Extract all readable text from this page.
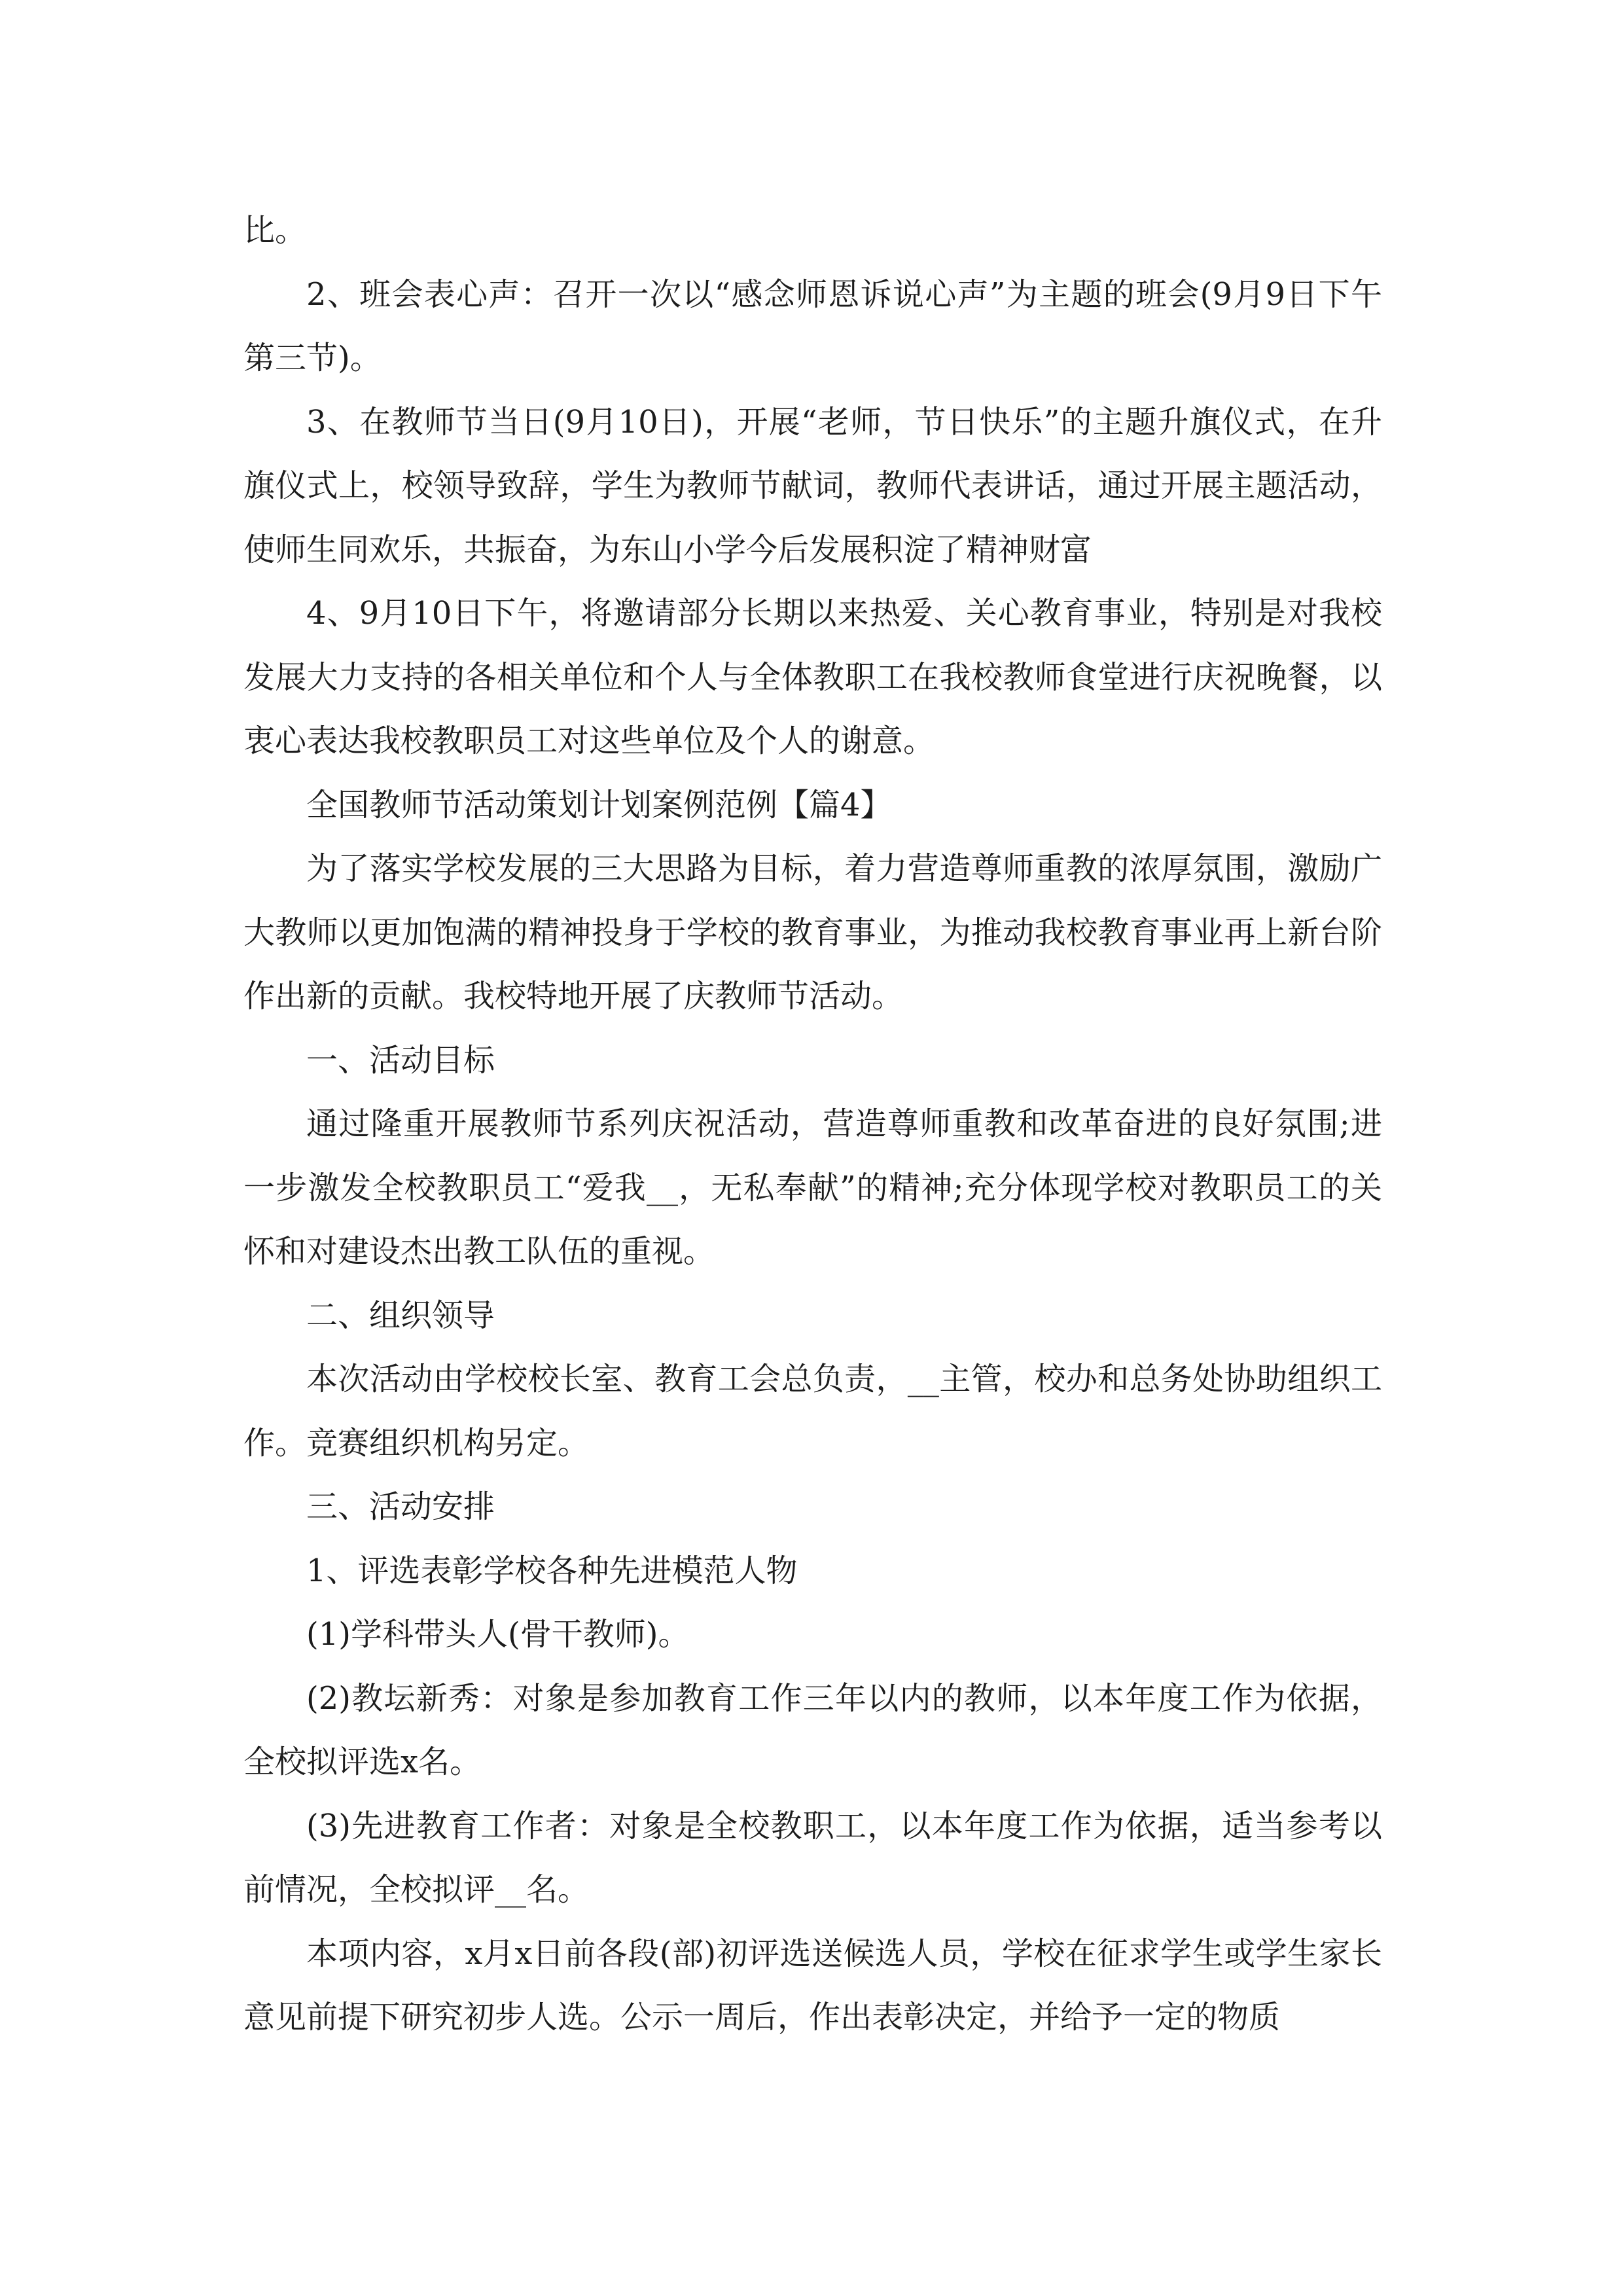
比。

2、班会表心声：召开一次以“感念师恩诉说心声”为主题的班会(9月9日下午第三节)。

3、在教师节当日(9月10日)，开展“老师，节日快乐”的主题升旗仪式，在升旗仪式上，校领导致辞，学生为教师节献词，教师代表讲话，通过开展主题活动，使师生同欢乐，共振奋，为东山小学今后发展积淀了精神财富

4、9月10日下午，将邀请部分长期以来热爱、关心教育事业，特别是对我校发展大力支持的各相关单位和个人与全体教职工在我校教师食堂进行庆祝晚餐，以衷心表达我校教职员工对这些单位及个人的谢意。

全国教师节活动策划计划案例范例【篇4】

为了落实学校发展的三大思路为目标，着力营造尊师重教的浓厚氛围，激励广大教师以更加饱满的精神投身于学校的教育事业，为推动我校教育事业再上新台阶作出新的贡献。我校特地开展了庆教师节活动。

一、活动目标

通过隆重开展教师节系列庆祝活动，营造尊师重教和改革奋进的良好氛围;进一步激发全校教职员工“爱我__，无私奉献”的精神;充分体现学校对教职员工的关怀和对建设杰出教工队伍的重视。

二、组织领导

本次活动由学校校长室、教育工会总负责，__主管，校办和总务处协助组织工作。竞赛组织机构另定。

三、活动安排

1、评选表彰学校各种先进模范人物

(1)学科带头人(骨干教师)。

(2)教坛新秀：对象是参加教育工作三年以内的教师，以本年度工作为依据，全校拟评选x名。

(3)先进教育工作者：对象是全校教职工，以本年度工作为依据，适当参考以前情况，全校拟评__名。

本项内容，x月x日前各段(部)初评选送候选人员，学校在征求学生或学生家长意见前提下研究初步人选。公示一周后，作出表彰决定，并给予一定的物质
